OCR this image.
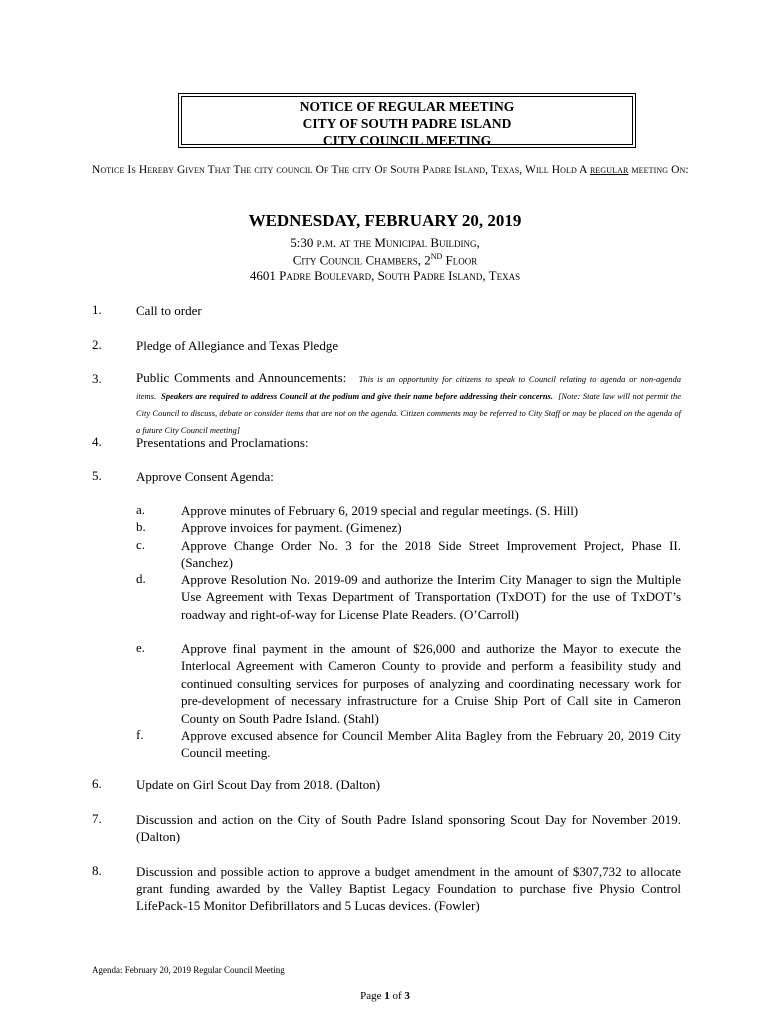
NOTICE OF REGULAR MEETING
CITY OF SOUTH PADRE ISLAND
CITY COUNCIL MEETING
Notice Is Hereby Given That The city council Of The city Of South Padre Island, Texas, Will Hold A regular meeting On:
WEDNESDAY, FEBRUARY 20, 2019
5:30 p.m. at the Municipal Building,
City Council Chambers, 2ND Floor
4601 Padre Boulevard, South Padre Island, Texas
1.	Call to order
2.	Pledge of Allegiance and Texas Pledge
3.	Public Comments and Announcements: This is an opportunity for citizens to speak to Council relating to agenda or non-agenda items. Speakers are required to address Council at the podium and give their name before addressing their concerns. [Note: State law will not permit the City Council to discuss, debate or consider items that are not on the agenda. Citizen comments may be referred to City Staff or may be placed on the agenda of a future City Council meeting]
4.	Presentations and Proclamations:
5.	Approve Consent Agenda:
a.	Approve minutes of February 6, 2019 special and regular meetings. (S. Hill)
b.	Approve invoices for payment. (Gimenez)
c.	Approve Change Order No. 3 for the 2018 Side Street Improvement Project, Phase II. (Sanchez)
d.	Approve Resolution No. 2019-09 and authorize the Interim City Manager to sign the Multiple Use Agreement with Texas Department of Transportation (TxDOT) for the use of TxDOT’s roadway and right-of-way for License Plate Readers. (O’Carroll)
e.	Approve final payment in the amount of $26,000 and authorize the Mayor to execute the Interlocal Agreement with Cameron County to provide and perform a feasibility study and continued consulting services for purposes of analyzing and coordinating necessary work for pre-development of necessary infrastructure for a Cruise Ship Port of Call site in Cameron County on South Padre Island. (Stahl)
f.	Approve excused absence for Council Member Alita Bagley from the February 20, 2019 City Council meeting.
6.	Update on Girl Scout Day from 2018. (Dalton)
7.	Discussion and action on the City of South Padre Island sponsoring Scout Day for November 2019. (Dalton)
8.	Discussion and possible action to approve a budget amendment in the amount of $307,732 to allocate grant funding awarded by the Valley Baptist Legacy Foundation to purchase five Physio Control LifePack-15 Monitor Defibrillators and 5 Lucas devices. (Fowler)
Agenda: February 20, 2019 Regular Council Meeting
Page 1 of 3
